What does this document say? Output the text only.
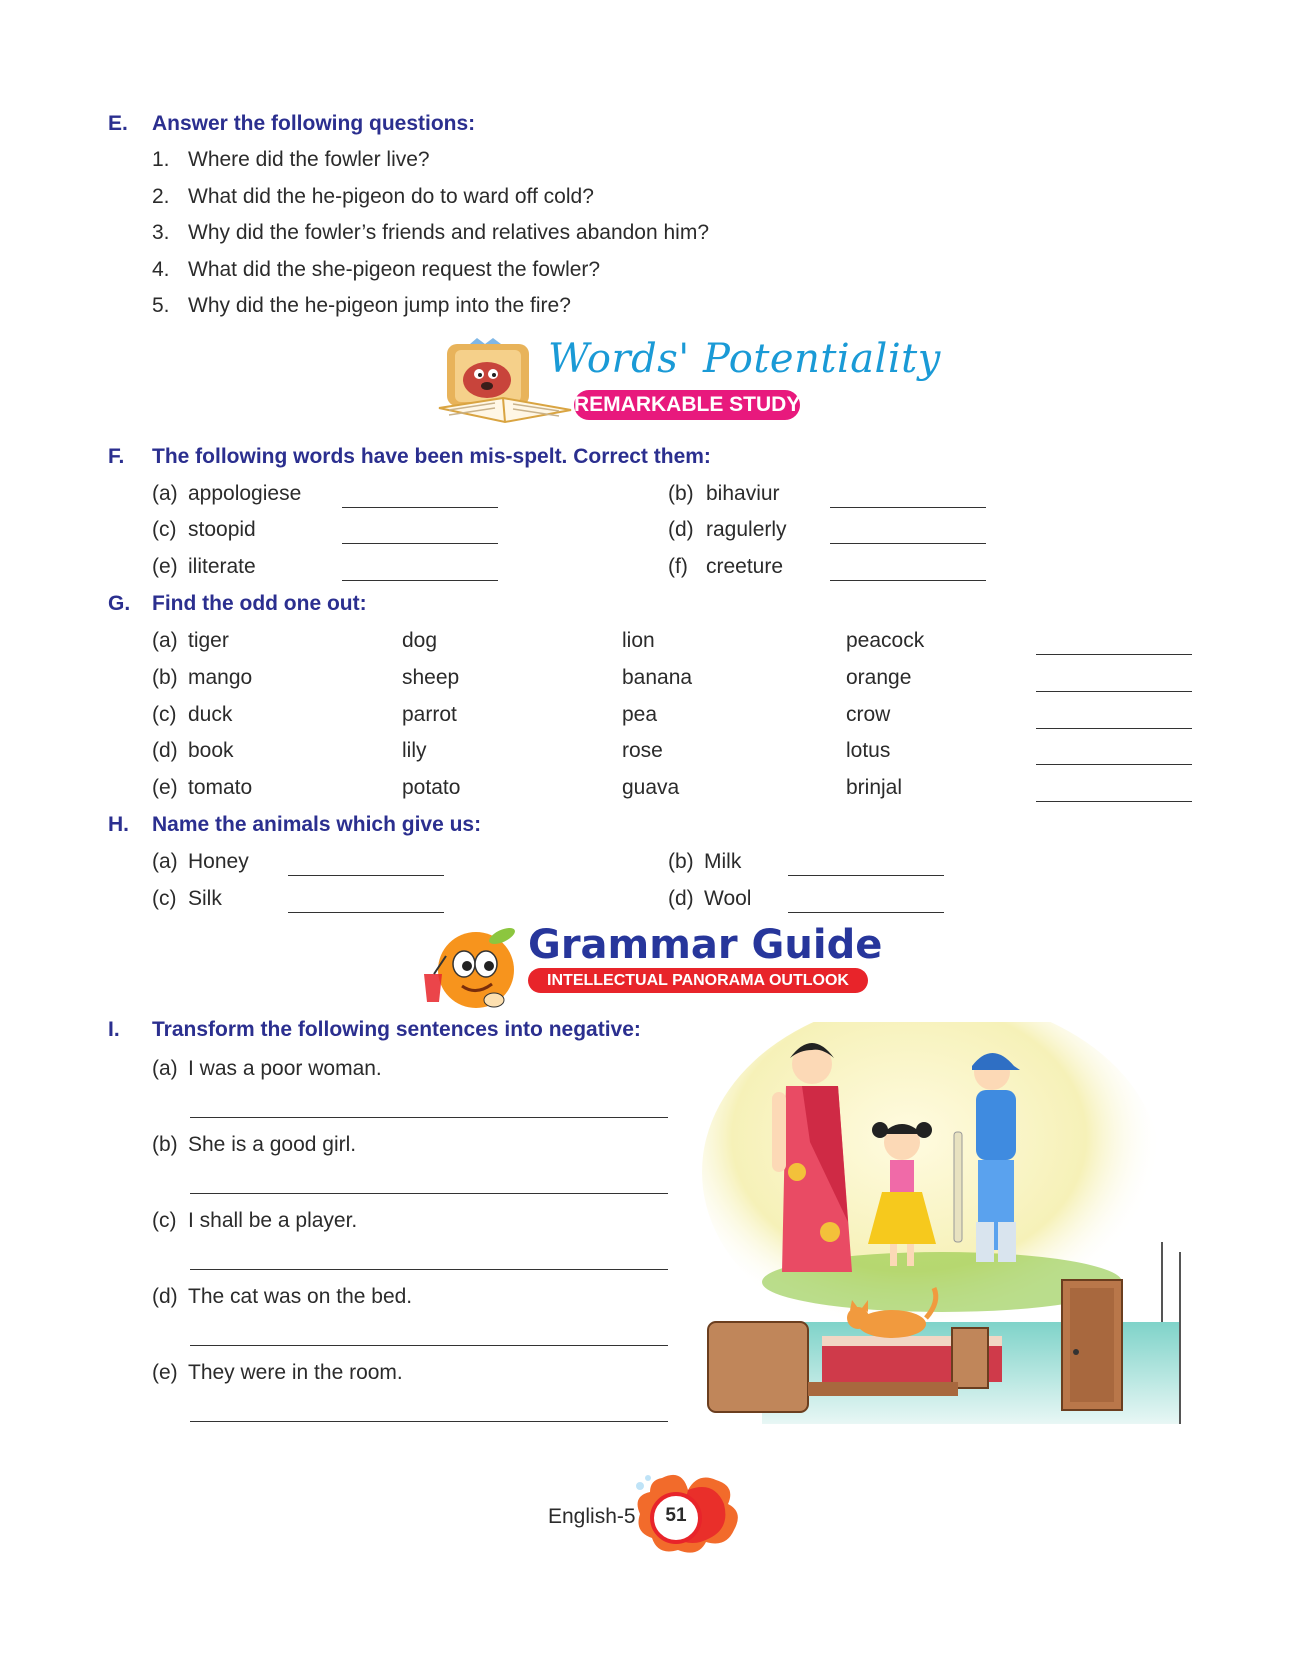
E. Answer the following questions:
1. Where did the fowler live?
2. What did the he-pigeon do to ward off cold?
3. Why did the fowler’s friends and relatives abandon him?
4. What did the she-pigeon request the fowler?
5. Why did the he-pigeon jump into the fire?
Words' Potentiality
REMARKABLE STUDY
F. The following words have been mis-spelt. Correct them:
(a) appologiese	(b) bihaviur
(c) stoopid	(d) ragulerly
(e) iliterate	(f) creeture
G. Find the odd one out:
(a) tiger	dog	lion	peacock
(b) mango	sheep	banana	orange
(c) duck	parrot	pea	crow
(d) book	lily	rose	lotus
(e) tomato	potato	guava	brinjal
H. Name the animals which give us:
(a) Honey	(b) Milk
(c) Silk	(d) Wool
Grammar Guide
INTELLECTUAL PANORAMA OUTLOOK
I. Transform the following sentences into negative:
(a) I was a poor woman.
(b) She is a good girl.
(c) I shall be a player.
(d) The cat was on the bed.
(e) They were in the room.
English-5	51
